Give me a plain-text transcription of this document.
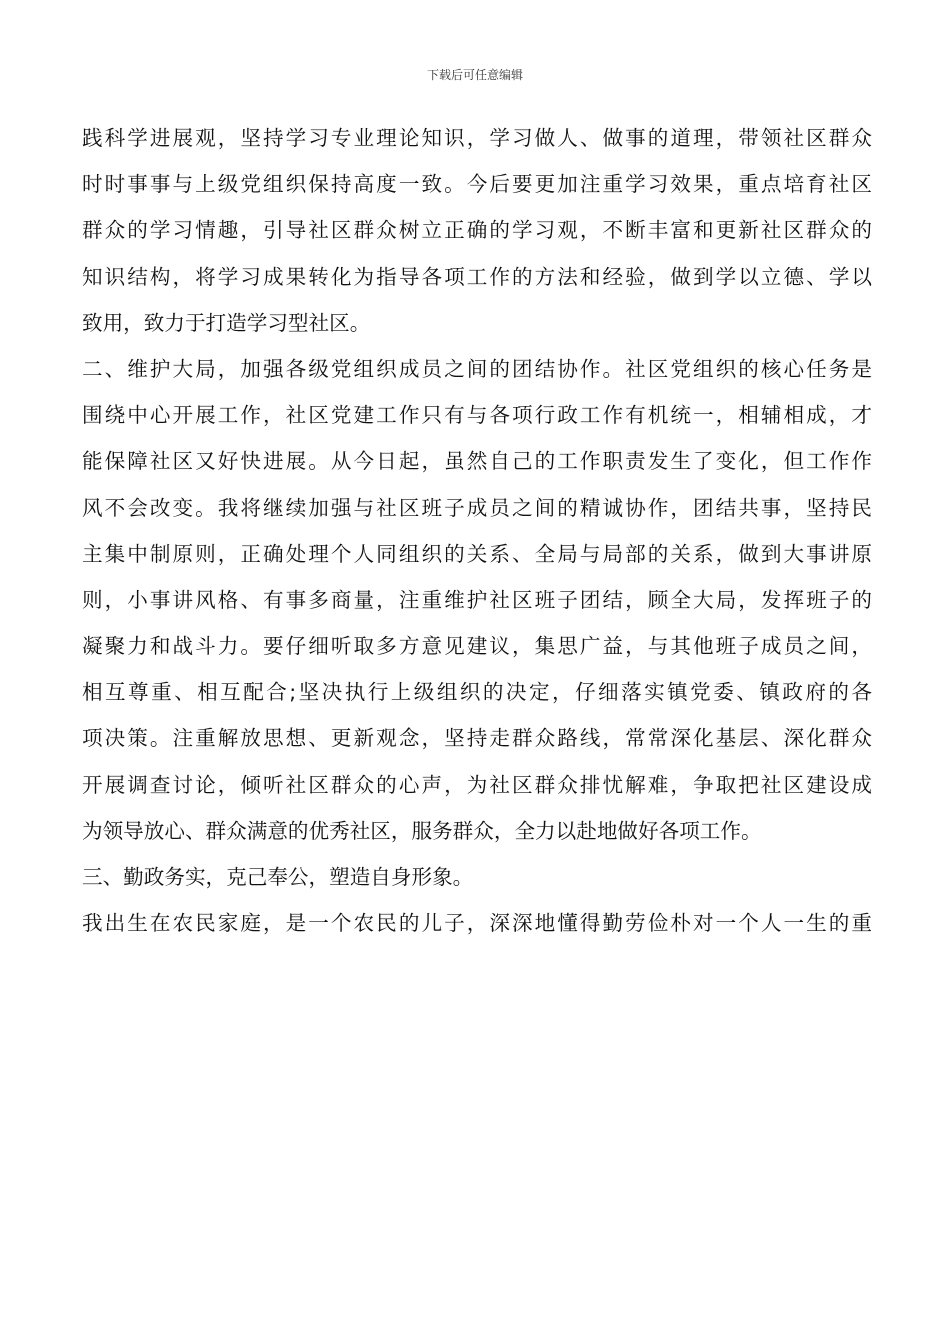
下载后可任意编辑
践科学进展观，坚持学习专业理论知识，学习做人、做事的道理，带领社区群众
时时事事与上级党组织保持高度一致。今后要更加注重学习效果，重点培育社区
群众的学习情趣，引导社区群众树立正确的学习观，不断丰富和更新社区群众的
知识结构，将学习成果转化为指导各项工作的方法和经验，做到学以立德、学以
致用，致力于打造学习型社区。
二、维护大局，加强各级党组织成员之间的团结协作。社区党组织的核心任务是
围绕中心开展工作，社区党建工作只有与各项行政工作有机统一，相辅相成，才
能保障社区又好快进展。从今日起，虽然自己的工作职责发生了变化，但工作作
风不会改变。我将继续加强与社区班子成员之间的精诚协作，团结共事，坚持民
主集中制原则，正确处理个人同组织的关系、全局与局部的关系，做到大事讲原
则，小事讲风格、有事多商量，注重维护社区班子团结，顾全大局，发挥班子的
凝聚力和战斗力。要仔细听取多方意见建议，集思广益，与其他班子成员之间，
相互尊重、相互配合;坚决执行上级组织的决定，仔细落实镇党委、镇政府的各
项决策。注重解放思想、更新观念，坚持走群众路线，常常深化基层、深化群众
开展调查讨论，倾听社区群众的心声，为社区群众排忧解难，争取把社区建设成
为领导放心、群众满意的优秀社区，服务群众，全力以赴地做好各项工作。
三、勤政务实，克己奉公，塑造自身形象。
我出生在农民家庭，是一个农民的儿子，深深地懂得勤劳俭朴对一个人一生的重
